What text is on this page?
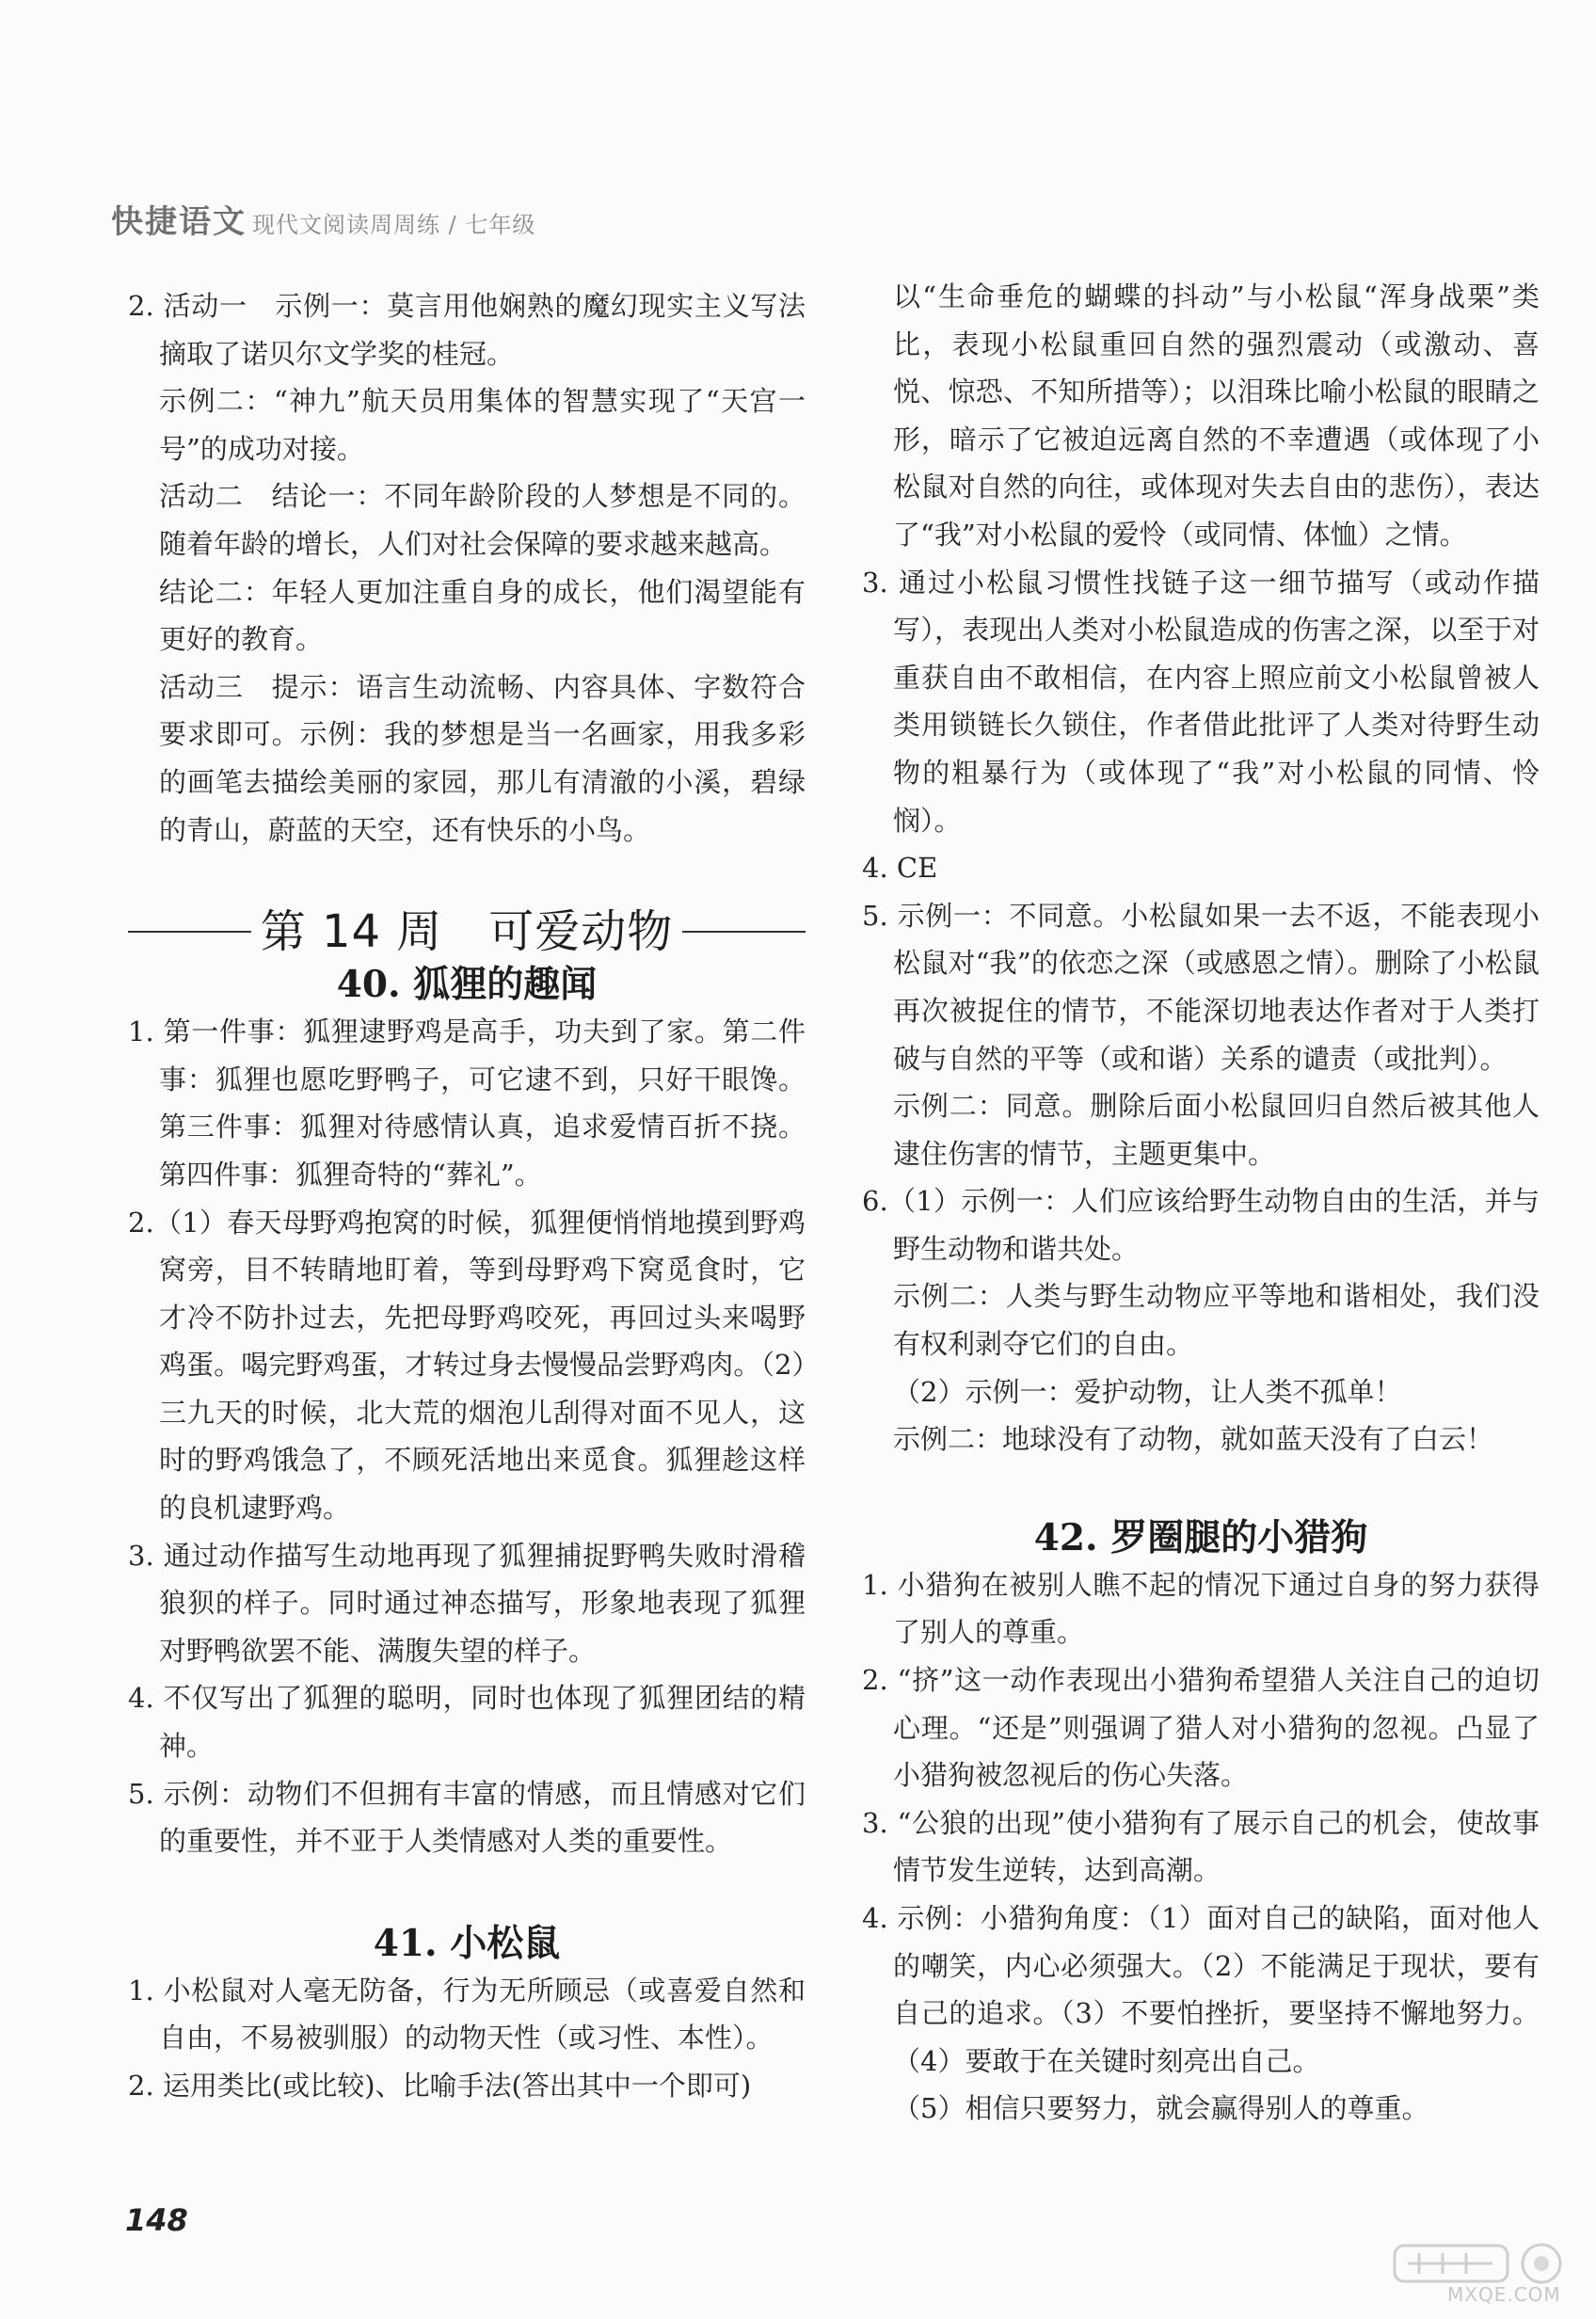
快捷语文 现代文阅读周周练 / 七年级

2. 活动一　示例一：莫言用他娴熟的魔幻现实主义写法摘取了诺贝尔文学奖的桂冠。

示例二：“神九”航天员用集体的智慧实现了“天宫一号”的成功对接。

活动二　结论一：不同年龄阶段的人梦想是不同的。随着年龄的增长，人们对社会保障的要求越来越高。

结论二：年轻人更加注重自身的成长，他们渴望能有更好的教育。

活动三　提示：语言生动流畅、内容具体、字数符合要求即可。示例：我的梦想是当一名画家，用我多彩的画笔去描绘美丽的家园，那儿有清澈的小溪，碧绿的青山，蔚蓝的天空，还有快乐的小鸟。

第 14 周　可爱动物
40. 狐狸的趣闻

1. 第一件事：狐狸逮野鸡是高手，功夫到了家。第二件事：狐狸也愿吃野鸭子，可它逮不到，只好干眼馋。第三件事：狐狸对待感情认真，追求爱情百折不挠。第四件事：狐狸奇特的“葬礼”。

2.（1）春天母野鸡抱窝的时候，狐狸便悄悄地摸到野鸡窝旁，目不转睛地盯着，等到母野鸡下窝觅食时，它才冷不防扑过去，先把母野鸡咬死，再回过头来喝野鸡蛋。喝完野鸡蛋，才转过身去慢慢品尝野鸡肉。（2）三九天的时候，北大荒的烟泡儿刮得对面不见人，这时的野鸡饿急了，不顾死活地出来觅食。狐狸趁这样的良机逮野鸡。

3. 通过动作描写生动地再现了狐狸捕捉野鸭失败时滑稽狼狈的样子。同时通过神态描写，形象地表现了狐狸对野鸭欲罢不能、满腹失望的样子。

4. 不仅写出了狐狸的聪明，同时也体现了狐狸团结的精神。

5. 示例：动物们不但拥有丰富的情感，而且情感对它们的重要性，并不亚于人类情感对人类的重要性。

41. 小松鼠

1. 小松鼠对人毫无防备，行为无所顾忌（或喜爱自然和自由，不易被驯服）的动物天性（或习性、本性）。

2. 运用类比(或比较)、比喻手法(答出其中一个即可)

以“生命垂危的蝴蝶的抖动”与小松鼠“浑身战栗”类比，表现小松鼠重回自然的强烈震动（或激动、喜悦、惊恐、不知所措等）；以泪珠比喻小松鼠的眼睛之形，暗示了它被迫远离自然的不幸遭遇（或体现了小松鼠对自然的向往，或体现对失去自由的悲伤），表达了“我”对小松鼠的爱怜（或同情、体恤）之情。

3. 通过小松鼠习惯性找链子这一细节描写（或动作描写），表现出人类对小松鼠造成的伤害之深，以至于对重获自由不敢相信，在内容上照应前文小松鼠曾被人类用锁链长久锁住，作者借此批评了人类对待野生动物的粗暴行为（或体现了“我”对小松鼠的同情、怜悯）。

4. CE

5. 示例一：不同意。小松鼠如果一去不返，不能表现小松鼠对“我”的依恋之深（或感恩之情）。删除了小松鼠再次被捉住的情节，不能深切地表达作者对于人类打破与自然的平等（或和谐）关系的谴责（或批判）。

示例二：同意。删除后面小松鼠回归自然后被其他人逮住伤害的情节，主题更集中。

6.（1）示例一：人们应该给野生动物自由的生活，并与野生动物和谐共处。

示例二：人类与野生动物应平等地和谐相处，我们没有权利剥夺它们的自由。

（2）示例一：爱护动物，让人类不孤单！

示例二：地球没有了动物，就如蓝天没有了白云！

42. 罗圈腿的小猎狗

1. 小猎狗在被别人瞧不起的情况下通过自身的努力获得了别人的尊重。

2. “挤”这一动作表现出小猎狗希望猎人关注自己的迫切心理。“还是”则强调了猎人对小猎狗的忽视。凸显了小猎狗被忽视后的伤心失落。

3. “公狼的出现”使小猎狗有了展示自己的机会，使故事情节发生逆转，达到高潮。

4. 示例：小猎狗角度：（1）面对自己的缺陷，面对他人的嘲笑，内心必须强大。（2）不能满足于现状，要有自己的追求。（3）不要怕挫折，要坚持不懈地努力。（4）要敢于在关键时刻亮出自己。

（5）相信只要努力，就会赢得别人的尊重。

148
MXQE.COM
